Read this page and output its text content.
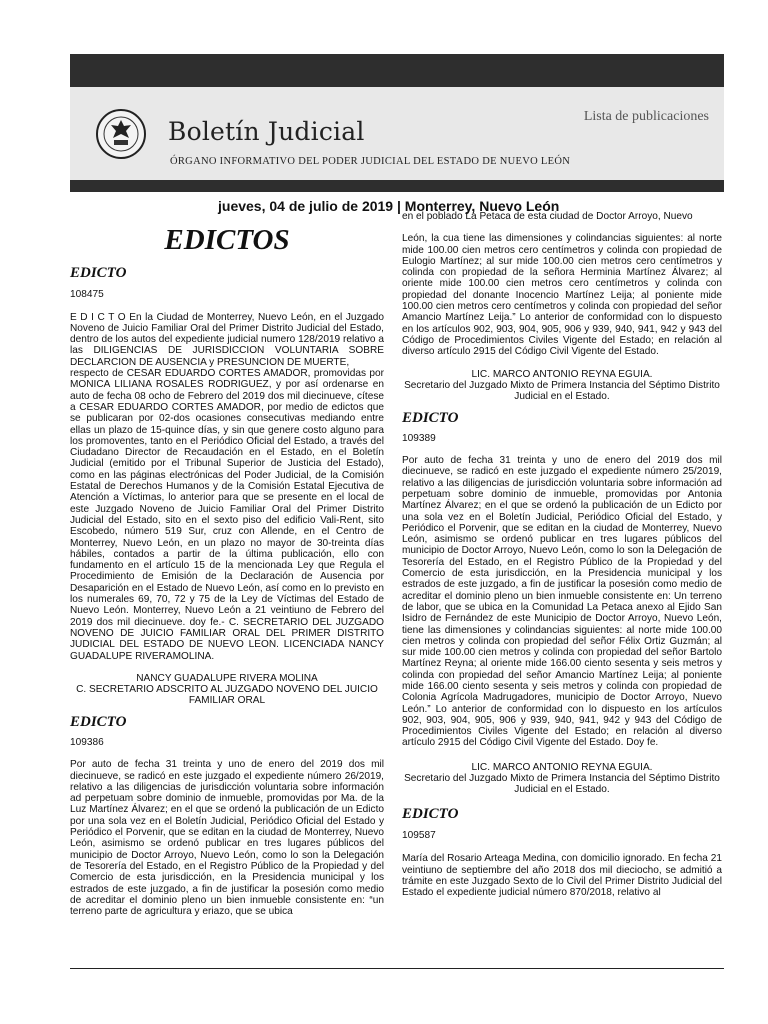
Boletín Judicial
ÓRGANO INFORMATIVO DEL PODER JUDICIAL DEL ESTADO DE NUEVO LEÓN
Lista de publicaciones
jueves, 04 de julio de 2019 | Monterrey, Nuevo León
EDICTOS

EDICTO

108475

E D I C T O En la Ciudad de Monterrey, Nuevo León, en el Juzgado Noveno de Juicio Familiar Oral del Primer Distrito Judicial del Estado, dentro de los autos del expediente judicial numero 128/2019 relativo a las DILIGENCIAS DE JURISDICCION VOLUNTARIA SOBRE DECLARCION DE AUSENCIA y PRESUNCION DE MUERTE,

respecto de CESAR EDUARDO CORTES AMADOR, promovidas por MONICA LILIANA ROSALES RODRIGUEZ, y por así ordenarse en auto de fecha 08 ocho de Febrero del 2019 dos mil diecinueve, cítese a CESAR EDUARDO CORTES AMADOR, por medio de edictos que se publicaran por 02-dos ocasiones consecutivas mediando entre ellas un plazo de 15-quince días, y sin que genere costo alguno para los promoventes, tanto en el Periódico Oficial del Estado, a través del Ciudadano Director de Recaudación en el Estado, en el Boletín Judicial (emitido por el Tribunal Superior de Justicia del Estado), como en las páginas electrónicas del Poder Judicial, de la Comisión Estatal de Derechos Humanos y de la Comisión Estatal Ejecutiva de Atención a Víctimas, lo anterior para que se presente en el local de este Juzgado Noveno de Juicio Familiar Oral del Primer Distrito Judicial del Estado, sito en el sexto piso del edificio Vali-Rent, sito Escobedo, número 519 Sur, cruz con Allende, en el Centro de Monterrey, Nuevo León, en un plazo no mayor de 30-treinta días hábiles, contados a partir de la última publicación, ello con fundamento en el artículo 15 de la mencionada Ley que Regula el Procedimiento de Emisión de la Declaración de Ausencia por Desaparición en el Estado de Nuevo León, así como en lo previsto en los numerales 69, 70, 72 y 75 de la Ley de Víctimas del Estado de Nuevo León. Monterrey, Nuevo León a 21 veintiuno de Febrero del 2019 dos mil diecinueve. doy fe.- C. SECRETARIO DEL JUZGADO NOVENO DE JUICIO FAMILIAR ORAL DEL PRIMER DISTRITO JUDICIAL DEL ESTADO DE NUEVO LEON. LICENCIADA NANCY GUADALUPE RIVERAMOLINA.

NANCY GUADALUPE RIVERA MOLINA

C. SECRETARIO ADSCRITO AL JUZGADO NOVENO DEL JUICIO FAMILIAR ORAL

EDICTO

109386

Por auto de fecha 31 treinta y uno de enero del 2019 dos mil diecinueve, se radicó en este juzgado el expediente número 26/2019, relativo a las diligencias de jurisdicción voluntaria sobre información ad perpetuam sobre dominio de inmueble, promovidas por Ma. de la Luz Martínez Álvarez; en el que se ordenó la publicación de un Edicto por una sola vez en el Boletín Judicial, Periódico Oficial del Estado y Periódico el Porvenir, que se editan en la ciudad de Monterrey, Nuevo León, asimismo se ordenó publicar en tres lugares públicos del municipio de Doctor Arroyo, Nuevo León, como lo son la Delegación de Tesorería del Estado, en el Registro Público de la Propiedad y del Comercio de esta jurisdicción, en la Presidencia municipal y los estrados de este juzgado, a fin de justificar la posesión como medio de acreditar el dominio pleno un bien inmueble consistente en: “un terreno parte de agricultura y eriazo, que se ubica

en el poblado La Petaca de esta ciudad de Doctor Arroyo, Nuevo

León, la cua tiene las dimensiones y colindancias siguientes: al norte mide 100.00 cien metros cero centímetros y colinda con propiedad de Eulogio Martínez; al sur mide 100.00 cien metros cero centímetros y colinda con propiedad de la señora Herminia Martínez Álvarez; al oriente mide 100.00 cien metros cero centímetros y colinda con propiedad del donante Inocencio Martínez Leija; al poniente mide 100.00 cien metros cero centímetros y colinda con propiedad del señor Amancio Martínez Leija.” Lo anterior de conformidad con lo dispuesto en los artículos 902, 903, 904, 905, 906 y 939, 940, 941, 942 y 943 del Código de Procedimientos Civiles Vigente del Estado; en relación al diverso artículo 2915 del Código Civil Vigente del Estado.

LIC. MARCO ANTONIO REYNA EGUIA.

Secretario del Juzgado Mixto de Primera Instancia del Séptimo Distrito Judicial en el Estado.

EDICTO

109389

Por auto de fecha 31 treinta y uno de enero del 2019 dos mil diecinueve, se radicó en este juzgado el expediente número 25/2019, relativo a las diligencias de jurisdicción voluntaria sobre información ad perpetuam sobre dominio de inmueble, promovidas por Antonia Martínez Álvarez; en el que se ordenó la publicación de un Edicto por una sola vez en el Boletín Judicial, Periódico Oficial del Estado, y Periódico el Porvenir, que se editan en la ciudad de Monterrey, Nuevo León, asimismo se ordenó publicar en tres lugares públicos del municipio de Doctor Arroyo, Nuevo León, como lo son la Delegación de Tesorería del Estado, en el Registro Público de la Propiedad y del Comercio de esta jurisdicción, en la Presidencia municipal y los estrados de este juzgado, a fin de justificar la posesión como medio de acreditar el dominio pleno un bien inmueble consistente en: Un terreno de labor, que se ubica en la Comunidad La Petaca anexo al Ejido San Isidro de Fernández de este Municipio de Doctor Arroyo, Nuevo León, tiene las dimensiones y colindancias siguientes: al norte mide 100.00 cien metros y colinda con propiedad del señor Félix Ortiz Guzmán; al sur mide 100.00 cien metros y colinda con propiedad del señor Bartolo Martínez Reyna; al oriente mide 166.00 ciento sesenta y seis metros y colinda con propiedad del señor Amancio Martínez Leija; al poniente mide 166.00 ciento sesenta y seis metros y colinda con propiedad de Colonia Agrícola Madrugadores, municipio de Doctor Arroyo, Nuevo León.” Lo anterior de conformidad con lo dispuesto en los artículos 902, 903, 904, 905, 906 y 939, 940, 941, 942 y 943 del Código de Procedimientos Civiles Vigente del Estado; en relación al diverso artículo 2915 del Código Civil Vigente del Estado. Doy fe.

LIC. MARCO ANTONIO REYNA EGUIA.

Secretario del Juzgado Mixto de Primera Instancia del Séptimo Distrito Judicial en el Estado.

EDICTO

109587

María del Rosario Arteaga Medina, con domicilio ignorado. En fecha 21 veintiuno de septiembre del año 2018 dos mil dieciocho, se admitió a trámite en este Juzgado Sexto de lo Civil del Primer Distrito Judicial del Estado el expediente judicial número 870/2018, relativo al
